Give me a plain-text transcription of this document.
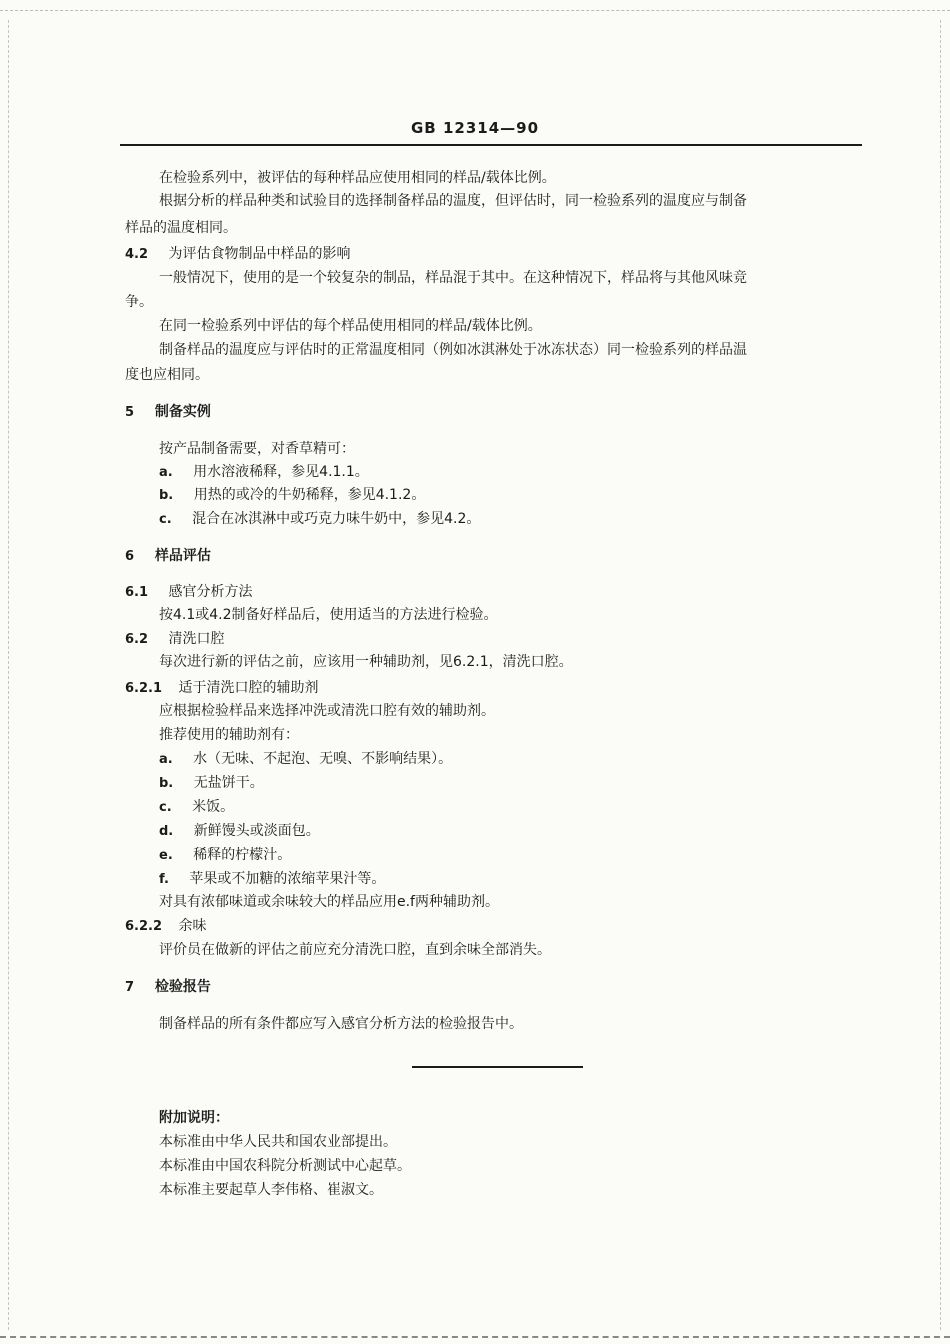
GB 12314—90
在检验系列中，被评估的每种样品应使用相同的样品/载体比例。
根据分析的样品种类和试验目的选择制备样品的温度，但评估时，同一检验系列的温度应与制备
样品的温度相同。
4.2 为评估食物制品中样品的影响
一般情况下，使用的是一个较复杂的制品，样品混于其中。在这种情况下，样品将与其他风味竞
争。
在同一检验系列中评估的每个样品使用相同的样品/载体比例。
制备样品的温度应与评估时的正常温度相同（例如冰淇淋处于冰冻状态）同一检验系列的样品温
度也应相同。
5 制备实例
按产品制备需要，对香草精可：
a. 用水溶液稀释，参见4.1.1。
b. 用热的或冷的牛奶稀释，参见4.1.2。
c. 混合在冰淇淋中或巧克力味牛奶中，参见4.2。
6 样品评估
6.1 感官分析方法
按4.1或4.2制备好样品后，使用适当的方法进行检验。
6.2 清洗口腔
每次进行新的评估之前，应该用一种辅助剂，见6.2.1，清洗口腔。
6.2.1 适于清洗口腔的辅助剂
应根据检验样品来选择冲洗或清洗口腔有效的辅助剂。
推荐使用的辅助剂有：
a. 水（无味、不起泡、无嗅、不影响结果）。
b. 无盐饼干。
c. 米饭。
d. 新鲜馒头或淡面包。
e. 稀释的柠檬汁。
f. 苹果或不加糖的浓缩苹果汁等。
对具有浓郁味道或余味较大的样品应用e.f两种辅助剂。
6.2.2 余味
评价员在做新的评估之前应充分清洗口腔，直到余味全部消失。
7 检验报告
制备样品的所有条件都应写入感官分析方法的检验报告中。
附加说明：
本标准由中华人民共和国农业部提出。
本标准由中国农科院分析测试中心起草。
本标准主要起草人李伟格、崔淑文。
